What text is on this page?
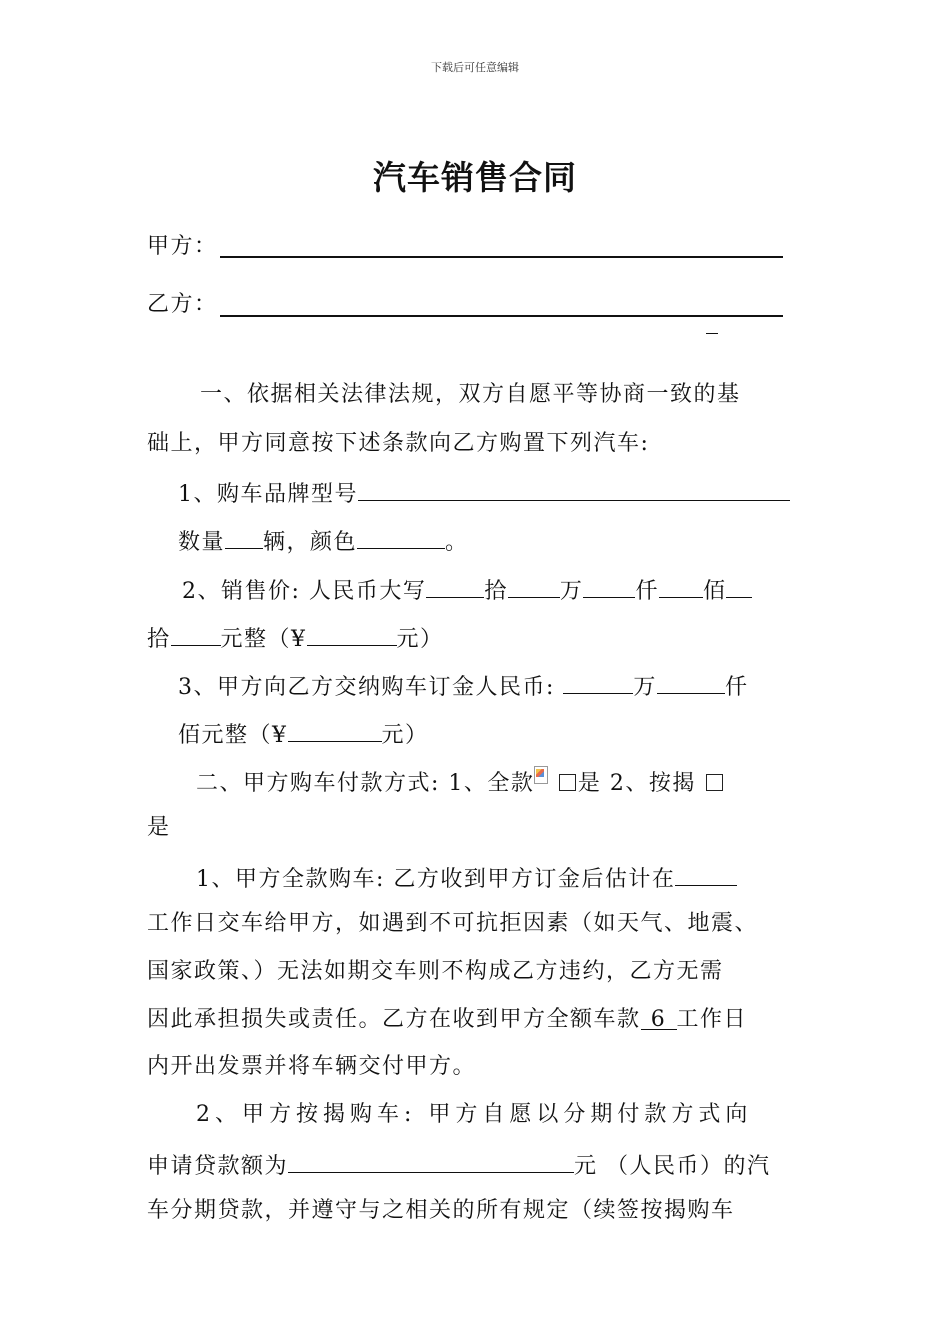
下载后可任意编辑
汽车销售合同
甲方：
乙方：
一、依据相关法律法规，双方自愿平等协商一致的基
础上，甲方同意按下述条款向乙方购置下列汽车:
1、购车品牌型号
数量 辆，颜色	。
2、销售价: 人民币大写	拾 万 仟 佰
拾 元整（¥	元）
3、甲方向乙方交纳购车订金人民币:	万	仟
佰元整（¥	元）
二、甲方购车付款方式: 1、全款 是 2、按揭
是
1、甲方全款购车: 乙方收到甲方订金后估计在
工作日交车给甲方，如遇到不可抗拒因素（如天气、地震、
国家政策、）无法如期交车则不构成乙方违约，乙方无需
因此承担损失或责任。乙方在收到甲方全额车款 6 工作日
内开出发票并将车辆交付甲方。
2、甲方按揭购车: 甲方自愿以分期付款方式向
申请贷款额为	元 （人民币）的汽
车分期贷款，并遵守与之相关的所有规定（续签按揭购车
